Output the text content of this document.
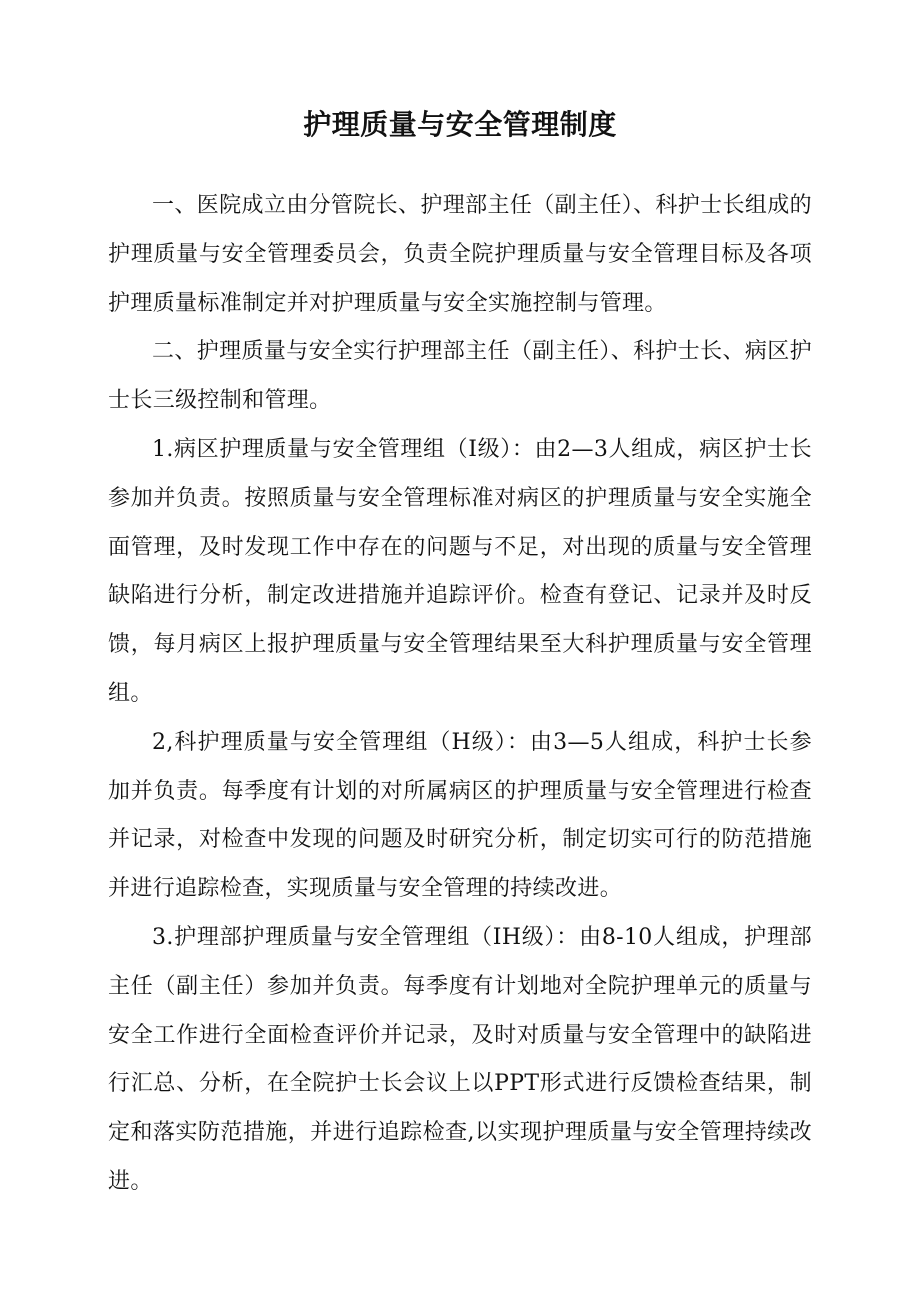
护理质量与安全管理制度

一、医院成立由分管院长、护理部主任（副主任）、科护士长组成的护理质量与安全管理委员会，负责全院护理质量与安全管理目标及各项护理质量标准制定并对护理质量与安全实施控制与管理。

二、护理质量与安全实行护理部主任（副主任）、科护士长、病区护士长三级控制和管理。

1.病区护理质量与安全管理组（I级）：由2—3人组成，病区护士长参加并负责。按照质量与安全管理标准对病区的护理质量与安全实施全面管理，及时发现工作中存在的问题与不足，对出现的质量与安全管理缺陷进行分析，制定改进措施并追踪评价。检查有登记、记录并及时反馈，每月病区上报护理质量与安全管理结果至大科护理质量与安全管理组。

2,科护理质量与安全管理组（H级）：由3—5人组成，科护士长参加并负责。每季度有计划的对所属病区的护理质量与安全管理进行检查并记录，对检查中发现的问题及时研究分析，制定切实可行的防范措施并进行追踪检查，实现质量与安全管理的持续改进。

3.护理部护理质量与安全管理组（IH级）：由8-10人组成，护理部主任（副主任）参加并负责。每季度有计划地对全院护理单元的质量与安全工作进行全面检查评价并记录，及时对质量与安全管理中的缺陷进行汇总、分析，在全院护士长会议上以PPT形式进行反馈检查结果，制定和落实防范措施，并进行追踪检查,以实现护理质量与安全管理持续改进。
